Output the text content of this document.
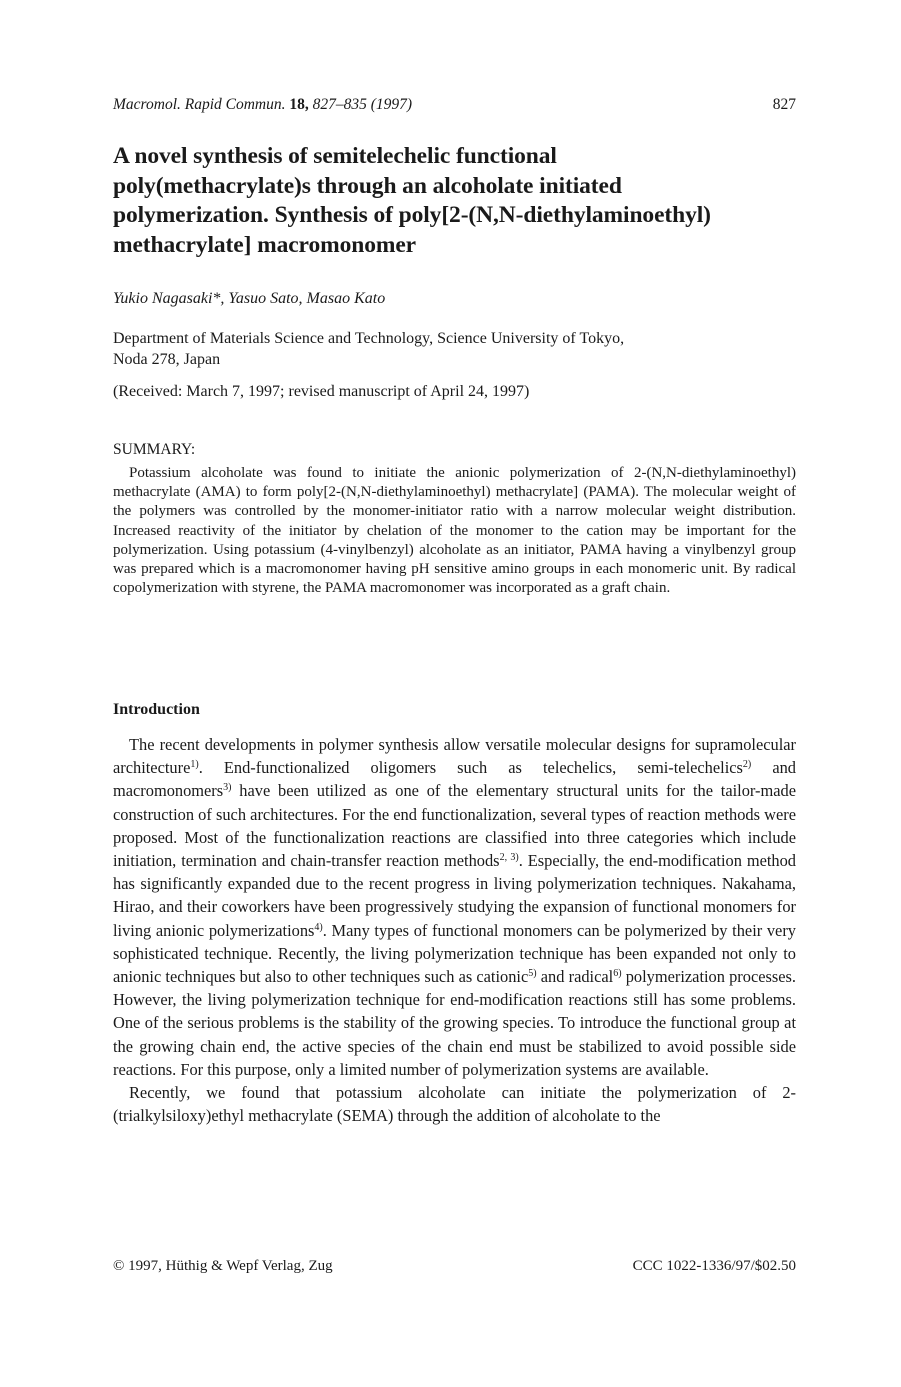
Macromol. Rapid Commun. 18, 827–835 (1997)	827
A novel synthesis of semitelechelic functional poly(methacrylate)s through an alcoholate initiated polymerization. Synthesis of poly[2-(N,N-diethylaminoethyl) methacrylate] macromonomer
Yukio Nagasaki*, Yasuo Sato, Masao Kato
Department of Materials Science and Technology, Science University of Tokyo,
Noda 278, Japan
(Received: March 7, 1997; revised manuscript of April 24, 1997)
SUMMARY:

Potassium alcoholate was found to initiate the anionic polymerization of 2-(N,N-diethylaminoethyl) methacrylate (AMA) to form poly[2-(N,N-diethylaminoethyl) methacrylate] (PAMA). The molecular weight of the polymers was controlled by the monomer-initiator ratio with a narrow molecular weight distribution. Increased reactivity of the initiator by chelation of the monomer to the cation may be important for the polymerization. Using potassium (4-vinylbenzyl) alcoholate as an initiator, PAMA having a vinylbenzyl group was prepared which is a macromonomer having pH sensitive amino groups in each monomeric unit. By radical copolymerization with styrene, the PAMA macromonomer was incorporated as a graft chain.

Introduction

The recent developments in polymer synthesis allow versatile molecular designs for supramolecular architecture$^{1)}$. End-functionalized oligomers such as telechelics, semi-telechelics$^{2)}$ and macromonomers$^{3)}$ have been utilized as one of the elementary structural units for the tailor-made construction of such architectures. For the end functionalization, several types of reaction methods were proposed. Most of the functionalization reactions are classified into three categories which include initiation, termination and chain-transfer reaction methods$^{2, 3)}$. Especially, the end-modification method has significantly expanded due to the recent progress in living polymerization techniques. Nakahama, Hirao, and their coworkers have been progressively studying the expansion of functional monomers for living anionic polymerizations$^{4)}$. Many types of functional monomers can be polymerized by their very sophisticated technique. Recently, the living polymerization technique has been expanded not only to anionic techniques but also to other techniques such as cationic$^{5)}$ and radical$^{6)}$ polymerization processes. However, the living polymerization technique for end-modification reactions still has some problems. One of the serious problems is the stability of the growing species. To introduce the functional group at the growing chain end, the active species of the chain end must be stabilized to avoid possible side reactions. For this purpose, only a limited number of polymerization systems are available.

Recently, we found that potassium alcoholate can initiate the polymerization of 2-(trialkylsiloxy)ethyl methacrylate (SEMA) through the addition of alcoholate to the

© 1997, Hüthig & Wepf Verlag, Zug	CCC 1022-1336/97/$02.50
